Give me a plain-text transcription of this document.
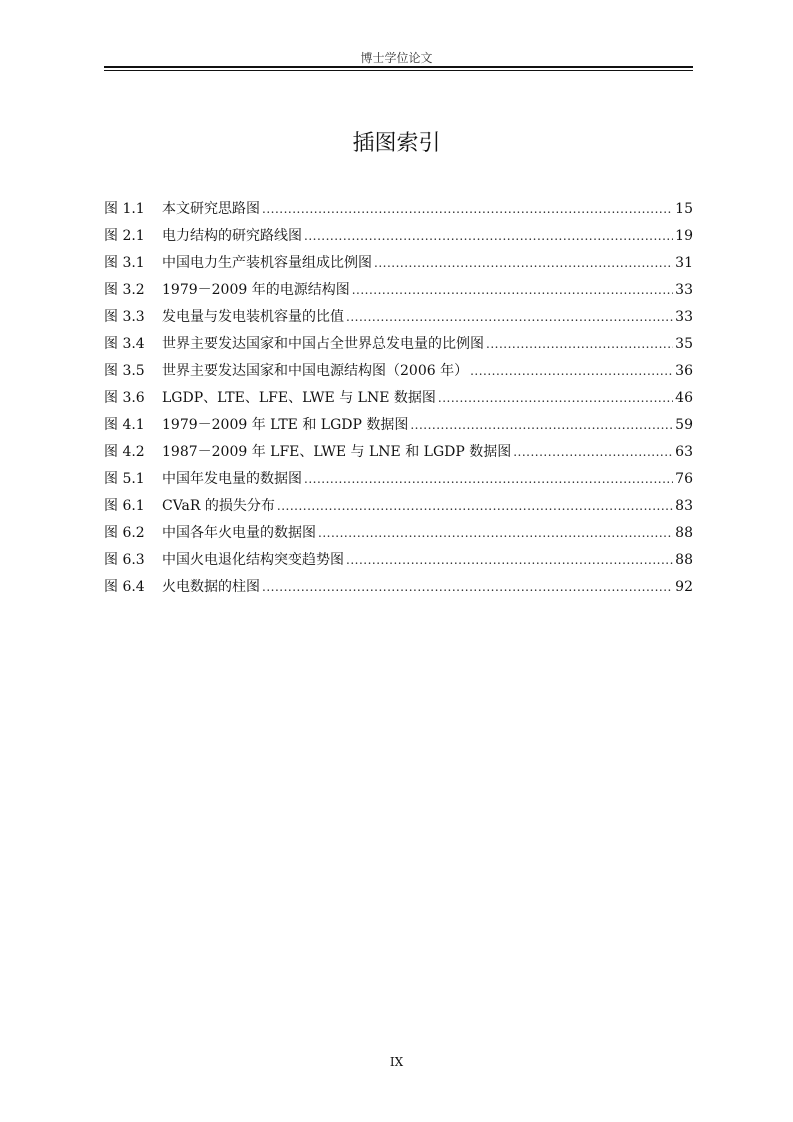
博士学位论文
插图索引
图 1.1	本文研究思路图 .....	15
图 2.1	电力结构的研究路线图 .....	19
图 3.1	中国电力生产装机容量组成比例图 .....	31
图 3.2	1979－2009 年的电源结构图 .....	33
图 3.3	发电量与发电装机容量的比值 .....	33
图 3.4	世界主要发达国家和中国占全世界总发电量的比例图 .....	35
图 3.5	世界主要发达国家和中国电源结构图（2006 年） .....	36
图 3.6	LGDP、LTE、LFE、LWE 与 LNE 数据图 .....	46
图 4.1	1979－2009 年 LTE 和 LGDP 数据图 .....	59
图 4.2	1987－2009 年 LFE、LWE 与 LNE 和 LGDP 数据图 .....	63
图 5.1	中国年发电量的数据图 .....	76
图 6.1	CVaR 的损失分布 .....	83
图 6.2	中国各年火电量的数据图 .....	88
图 6.3	中国火电退化结构突变趋势图 .....	88
图 6.4	火电数据的柱图 .....	92
IX
